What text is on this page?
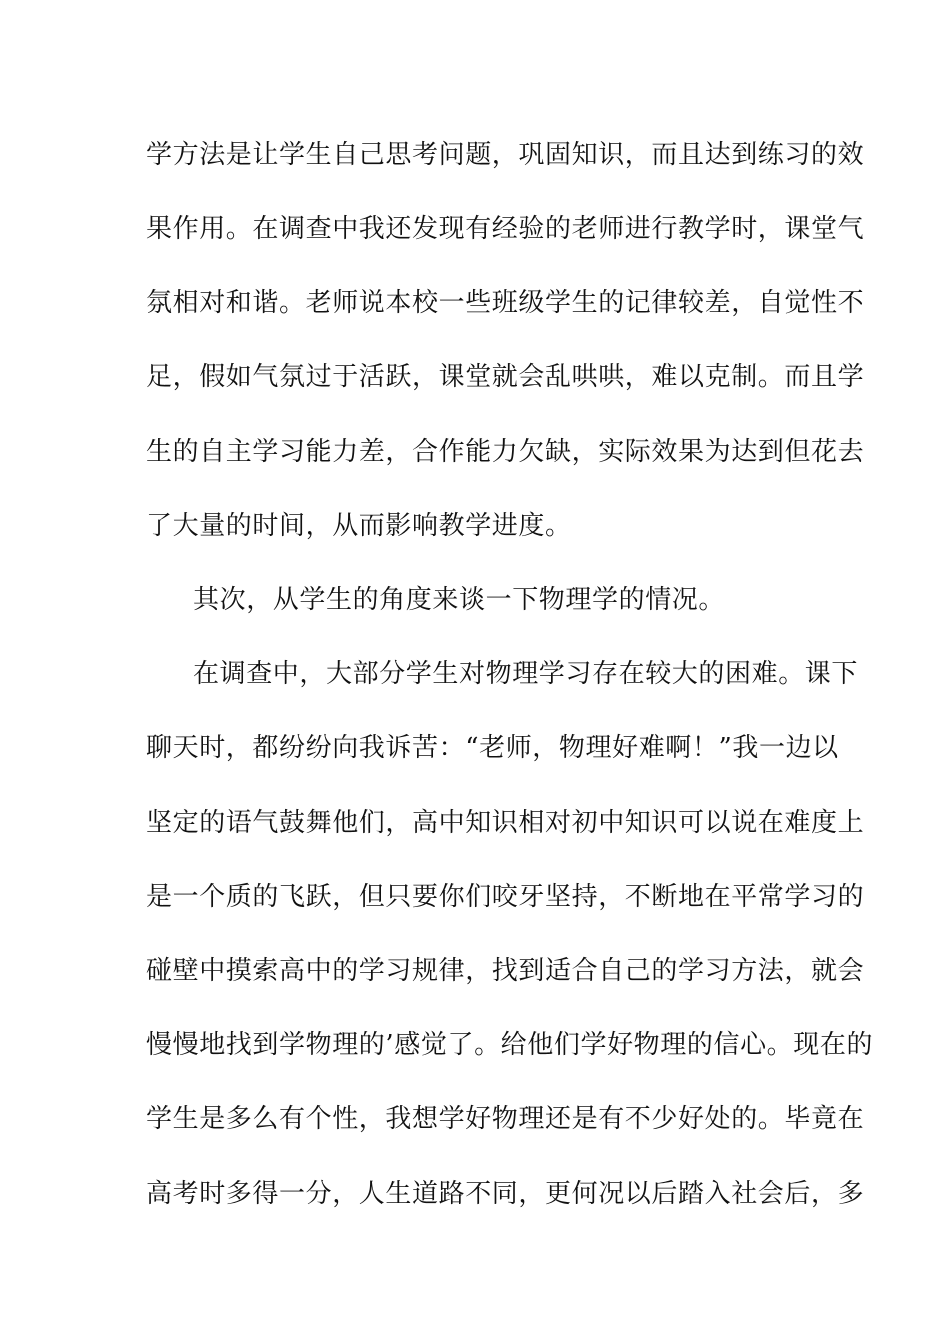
学方法是让学生自己思考问题，巩固知识，而且达到练习的效
果作用。在调查中我还发现有经验的老师进行教学时，课堂气
氛相对和谐。老师说本校一些班级学生的记律较差，自觉性不
足，假如气氛过于活跃，课堂就会乱哄哄，难以克制。而且学
生的自主学习能力差，合作能力欠缺，实际效果为达到但花去
了大量的时间，从而影响教学进度。
其次，从学生的角度来谈一下物理学的情况。
在调查中，大部分学生对物理学习存在较大的困难。课下
聊天时，都纷纷向我诉苦：“老师，物理好难啊！”我一边以
坚定的语气鼓舞他们，高中知识相对初中知识可以说在难度上
是一个质的飞跃，但只要你们咬牙坚持，不断地在平常学习的
碰壁中摸索高中的学习规律，找到适合自己的学习方法，就会
慢慢地找到学物理的’感觉了。给他们学好物理的信心。现在的
学生是多么有个性，我想学好物理还是有不少好处的。毕竟在
高考时多得一分，人生道路不同，更何况以后踏入社会后，多
